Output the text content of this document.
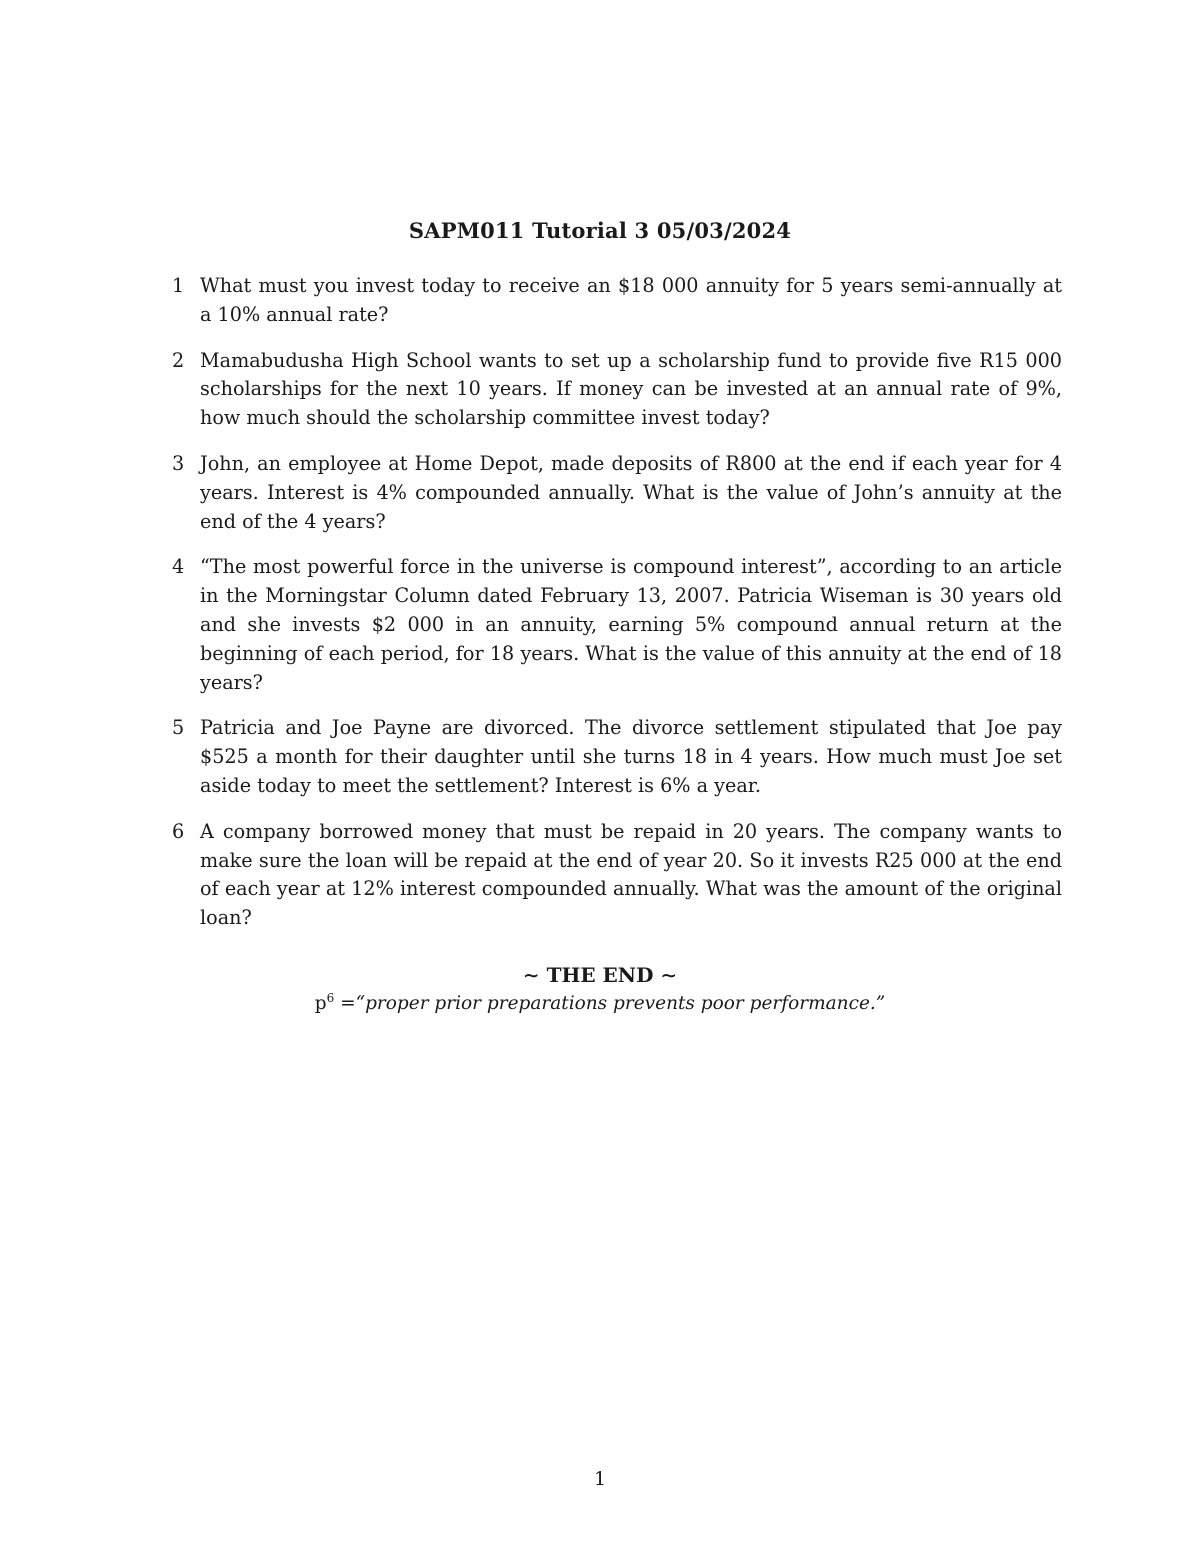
SAPM011 Tutorial 3 05/03/2024
1 What must you invest today to receive an $18 000 annuity for 5 years semi-annually at a 10% annual rate?
2 Mamabudusha High School wants to set up a scholarship fund to provide five R15 000 scholarships for the next 10 years. If money can be invested at an annual rate of 9%, how much should the scholarship committee invest today?
3 John, an employee at Home Depot, made deposits of R800 at the end if each year for 4 years. Interest is 4% compounded annually. What is the value of John’s annuity at the end of the 4 years?
4 “The most powerful force in the universe is compound interest”, according to an article in the Morningstar Column dated February 13, 2007. Patricia Wiseman is 30 years old and she invests $2 000 in an annuity, earning 5% compound annual return at the beginning of each period, for 18 years. What is the value of this annuity at the end of 18 years?
5 Patricia and Joe Payne are divorced. The divorce settlement stipulated that Joe pay $525 a month for their daughter until she turns 18 in 4 years. How much must Joe set aside today to meet the settlement? Interest is 6% a year.
6 A company borrowed money that must be repaid in 20 years. The company wants to make sure the loan will be repaid at the end of year 20. So it invests R25 000 at the end of each year at 12% interest compounded annually. What was the amount of the original loan?
∼ THE END ∼
$p^6$ =“proper prior preparations prevents poor performance.”
1
